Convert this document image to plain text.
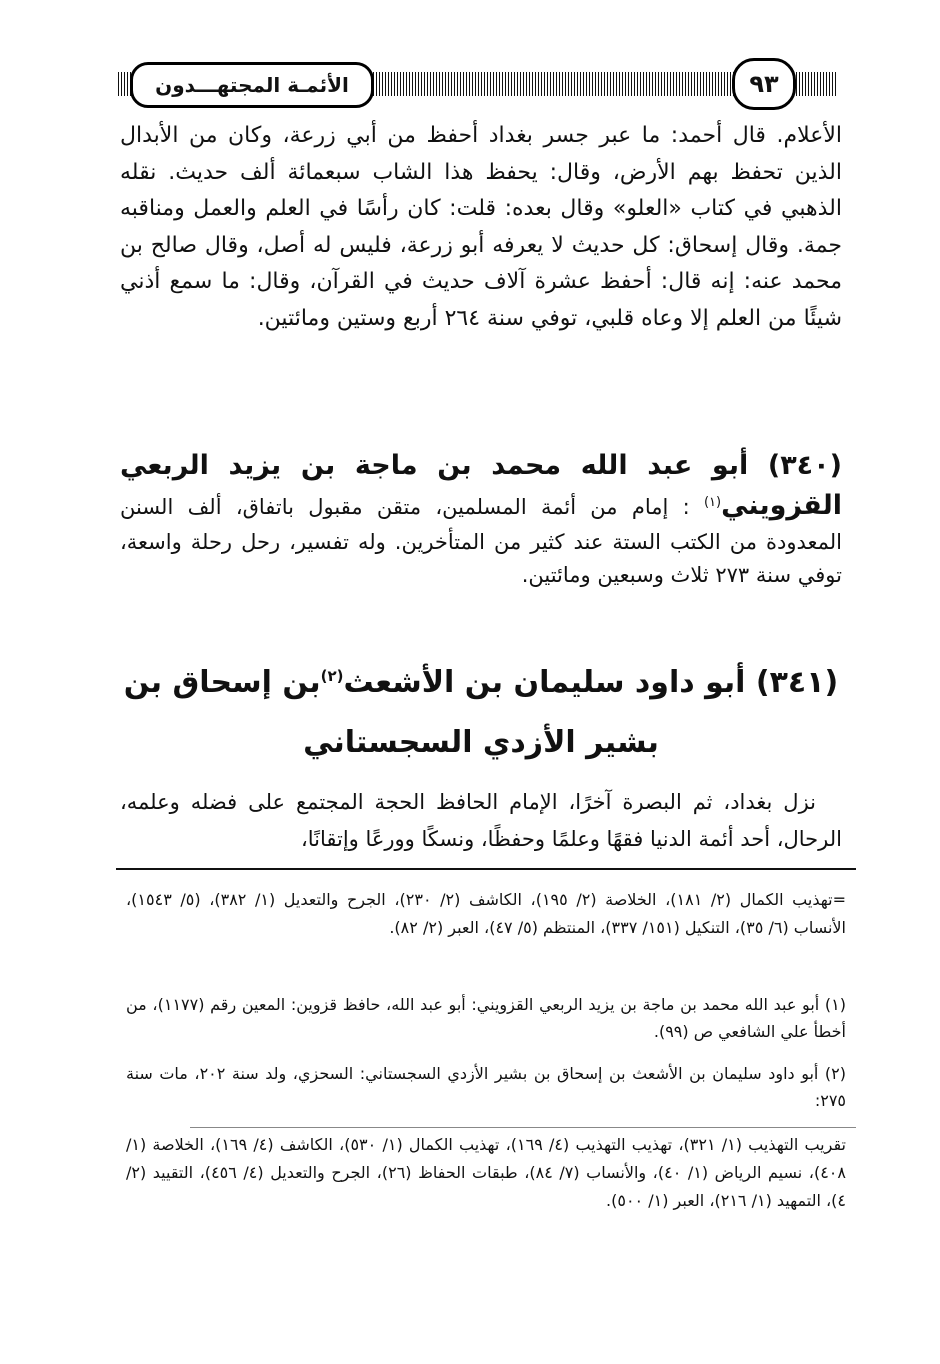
الأئمـة المجتهـــدون	٩٣
الأعلام. قال أحمد: ما عبر جسر بغداد أحفظ من أبي زرعة، وكان من الأبدال الذين تحفظ بهم الأرض، وقال: يحفظ هذا الشاب سبعمائة ألف حديث. نقله الذهبي في كتاب «العلو» وقال بعده: قلت: كان رأسًا في العلم والعمل ومناقبه جمة. وقال إسحاق: كل حديث لا يعرفه أبو زرعة، فليس له أصل، وقال صالح بن محمد عنه: إنه قال: أحفظ عشرة آلاف حديث في القرآن، وقال: ما سمع أذني شيئًا من العلم إلا وعاه قلبي، توفي سنة ٢٦٤ أربع وستين ومائتين.
(٣٤٠) أبو عبد الله محمد بن ماجة بن يزيد الربعي القزويني$^{(١)}$ : إمام من أئمة المسلمين، متقن مقبول باتفاق، ألف السنن المعدودة من الكتب الستة عند كثير من المتأخرين. وله تفسير، رحل رحلة واسعة، توفي سنة ٢٧٣ ثلاث وسبعين ومائتين.
(٣٤١) أبو داود سليمان بن الأشعث$^{(٢)}$بن إسحاق بن بشير الأزدي السجستاني
نزل بغداد، ثم البصرة آخرًا، الإمام الحافظ الحجة المجتمع على فضله وعلمه، الرحال، أحد أئمة الدنيا فقهًا وعلمًا وحفظًا، ونسكًا وورعًا وإتقانًا،
=تهذيب الكمال (٢/ ١٨١)، الخلاصة (٢/ ١٩٥)، الكاشف (٢/ ٢٣٠)، الجرح والتعديل (١/ ٣٨٢)، (٥/ ١٥٤٣)، الأنساب (٦/ ٣٥)، التنكيل (١٥١/ ٣٣٧)، المنتظم (٥/ ٤٧)، العبر (٢/ ٨٢).
(١) أبو عبد الله محمد بن ماجة بن يزيد الربعي القزويني: أبو عبد الله، حافظ قزوين: المعين رقم (١١٧٧)، من أخطأ علي الشافعي ص (٩٩).
(٢) أبو داود سليمان بن الأشعث بن إسحاق بن بشير الأزدي السجستاني: السحزي، ولد سنة ٢٠٢، مات سنة ٢٧٥:
تقريب التهذيب (١/ ٣٢١)، تهذيب التهذيب (٤/ ١٦٩)، تهذيب الكمال (١/ ٥٣٠)، الكاشف (٤/ ١٦٩)، الخلاصة (١/ ٤٠٨)، نسيم الرياض (١/ ٤٠)، والأنساب (٧/ ٨٤)، طبقات الحفاظ (٢٦)، الجرح والتعديل (٤/ ٤٥٦)، التقييد (٢/ ٤)، التمهيد (١/ ٢١٦)، العبر (١/ ٥٠٠).
